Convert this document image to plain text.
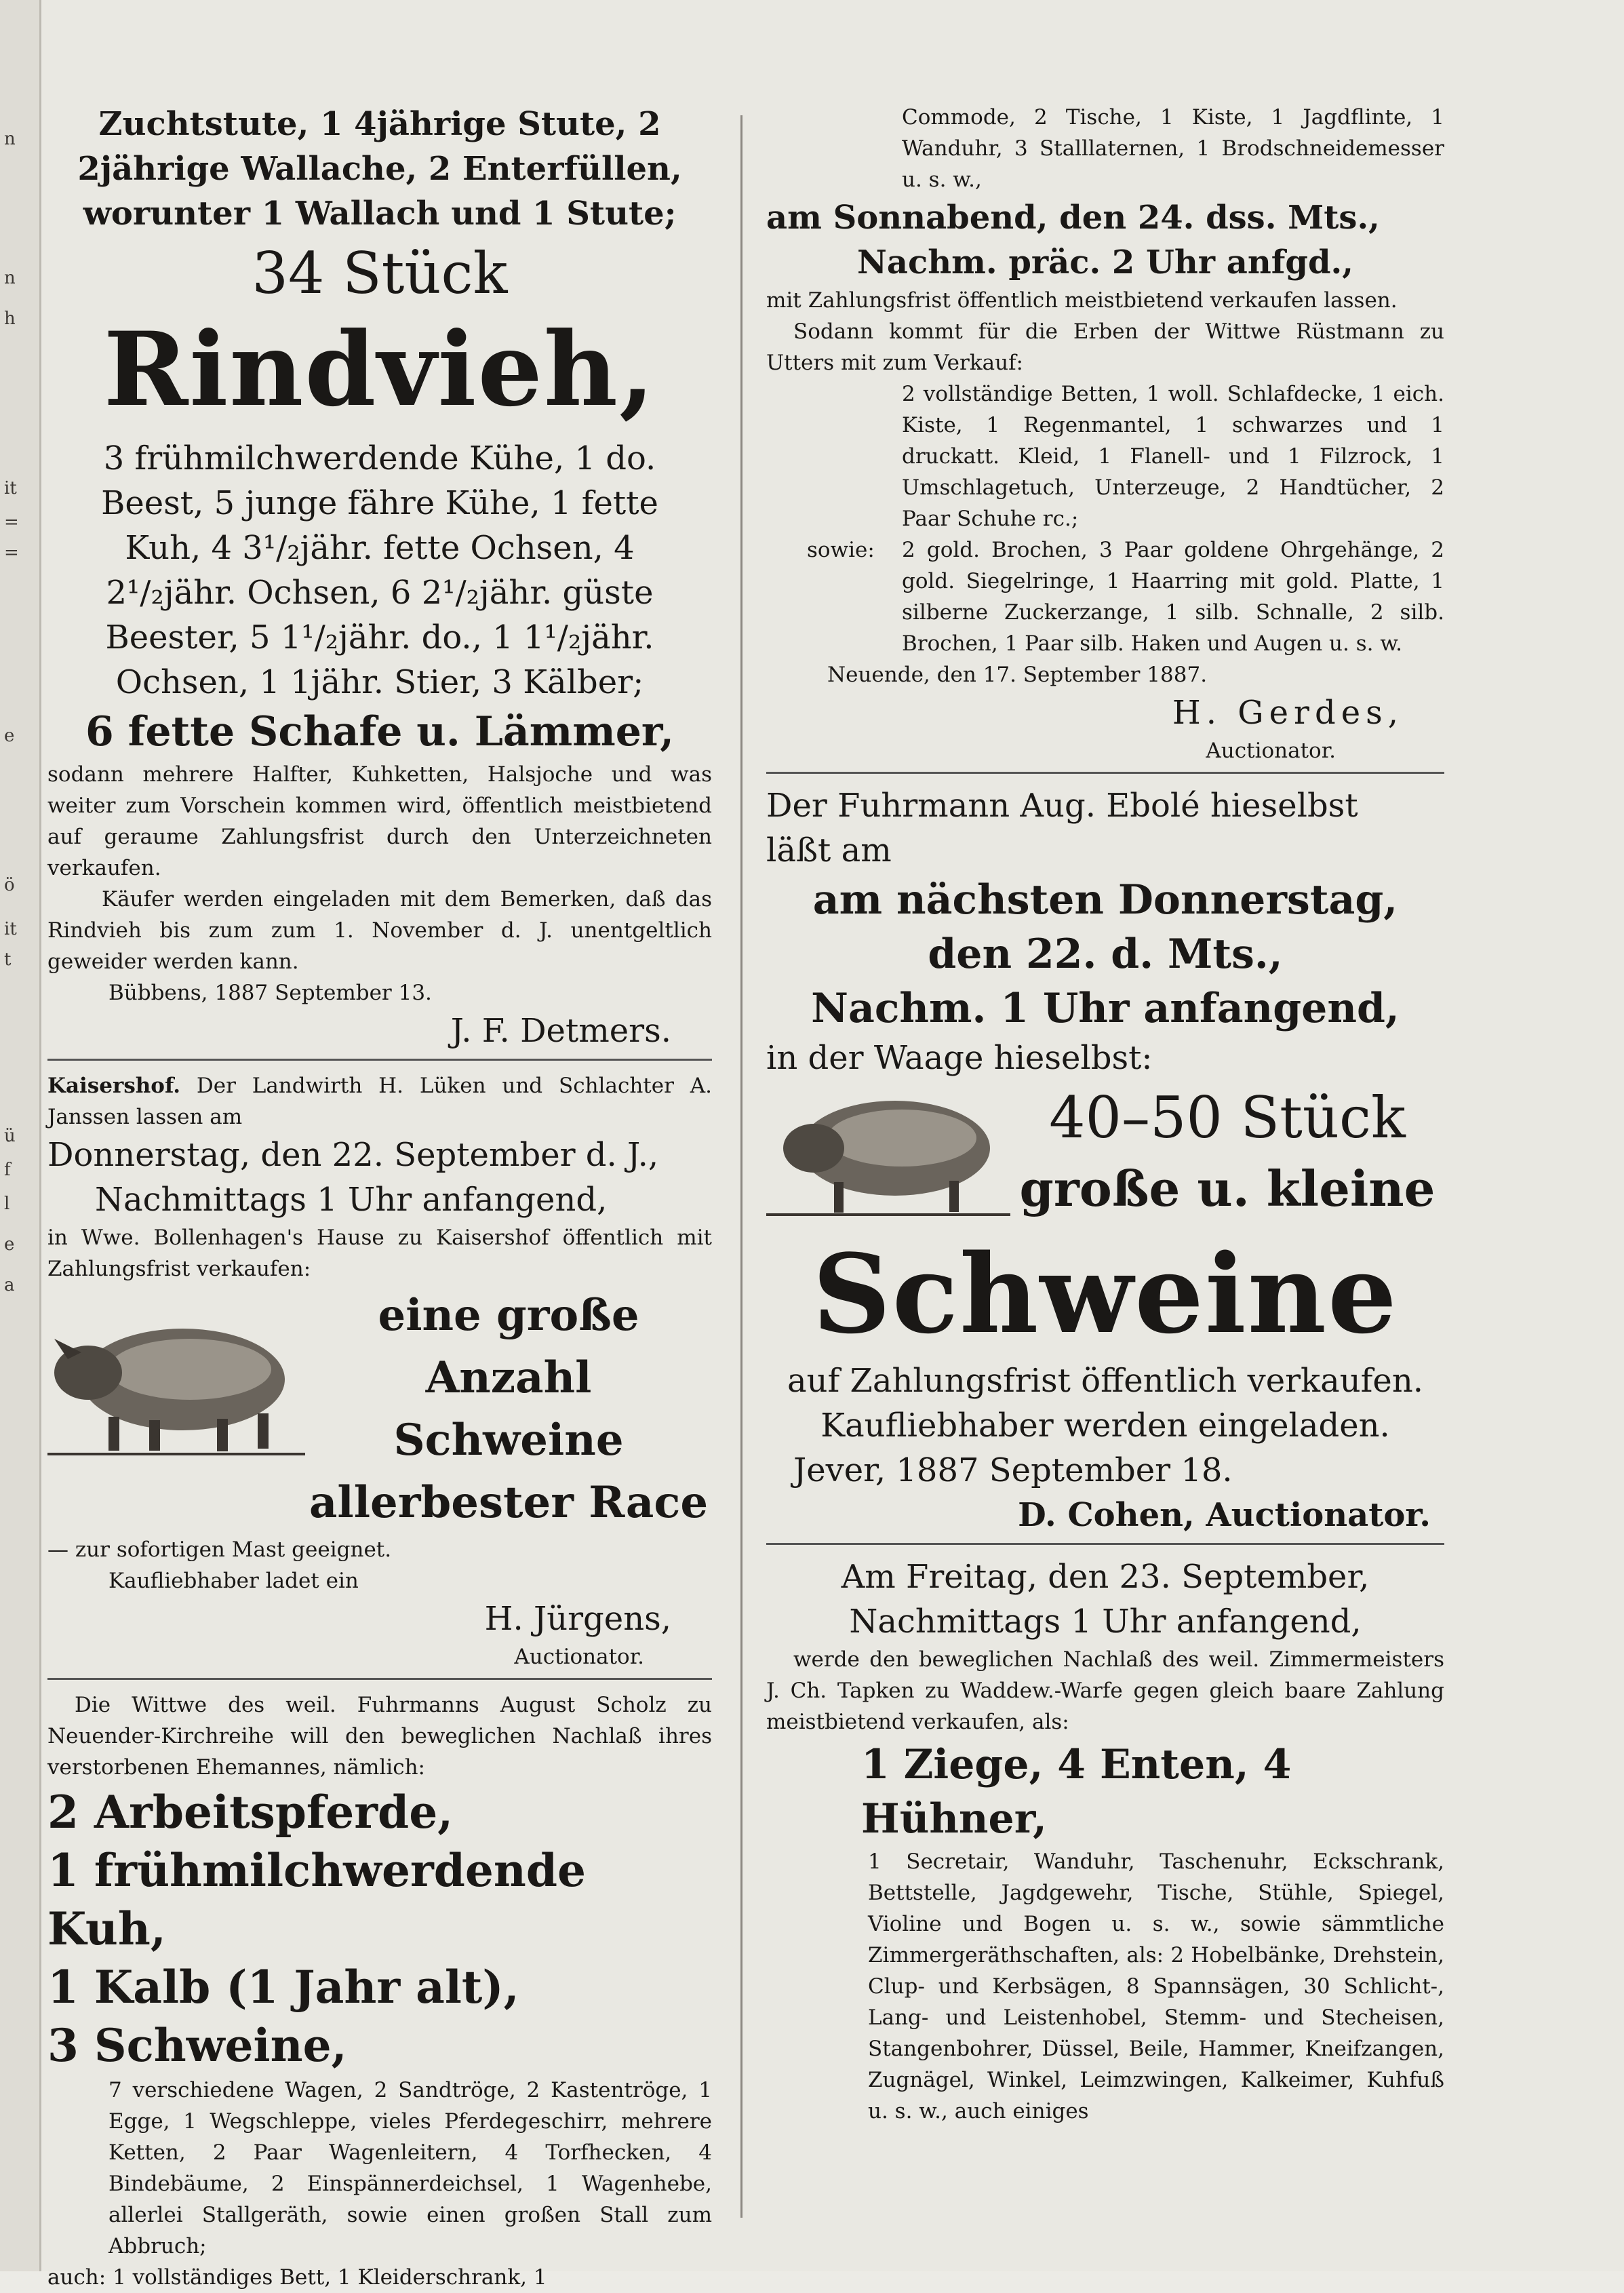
n
n
h
it
=
=
e
ö
it
t
ü
f
l
e
a

Zuchtstute, 1 4jährige Stute, 2

2jährige Wallache, 2 Enterfüllen,

worunter 1 Wallach und 1 Stute;

34 Stück

Rindvieh,

3 frühmilchwerdende Kühe, 1 do.

Beest, 5 junge fähre Kühe, 1 fette

Kuh, 4 3¹/₂jähr. fette Ochsen, 4

2¹/₂jähr. Ochsen, 6 2¹/₂jähr. güste

Beester, 5 1¹/₂jähr. do., 1 1¹/₂jähr.

Ochsen, 1 1jähr. Stier, 3 Kälber;

6 fette Schafe u. Lämmer,

sodann mehrere Halfter, Kuhketten, Halsjoche und was weiter zum Vorschein kommen wird, öffentlich meistbietend auf geraume Zahlungsfrist durch den Unterzeichneten verkaufen.

Käufer werden eingeladen mit dem Bemerken, daß das Rindvieh bis zum zum 1. November d. J. unentgeltlich geweider werden kann.

Bübbens, 1887 September 13.

J. F. Detmers.

Kaisershof. Der Landwirth H. Lüken und Schlachter A. Janssen lassen am

Donnerstag, den 22. September d. J.,

Nachmittags 1 Uhr anfangend,

in Wwe. Bollenhagen's Hause zu Kaisershof öffentlich mit Zahlungsfrist verkaufen:

eine große

Anzahl Schweine

allerbester Race

— zur sofortigen Mast geeignet.

Kaufliebhaber ladet ein

H. Jürgens,

Auctionator.

Die Wittwe des weil. Fuhrmanns August Scholz zu Neuender-Kirchreihe will den beweglichen Nachlaß ihres verstorbenen Ehemannes, nämlich:

2 Arbeitspferde,

1 frühmilchwerdende Kuh,

1 Kalb (1 Jahr alt),

3 Schweine,

7 verschiedene Wagen, 2 Sandtröge, 2 Kastentröge, 1 Egge, 1 Wegschleppe, vieles Pferdegeschirr, mehrere Ketten, 2 Paar Wagenleitern, 4 Torfhecken, 4 Bindebäume, 2 Einspännerdeichsel, 1 Wagenhebe, allerlei Stallgeräth, sowie einen großen Stall zum Abbruch;

auch: 1 vollständiges Bett, 1 Kleiderschrank, 1

Commode, 2 Tische, 1 Kiste, 1 Jagdflinte, 1 Wanduhr, 3 Stalllaternen, 1 Brodschneidemesser u. s. w.,

am Sonnabend, den 24. dss. Mts.,

Nachm. präc. 2 Uhr anfgd.,

mit Zahlungsfrist öffentlich meistbietend verkaufen lassen.

Sodann kommt für die Erben der Wittwe Rüstmann zu Utters mit zum Verkauf:

2 vollständige Betten, 1 woll. Schlafdecke, 1 eich. Kiste, 1 Regenmantel, 1 schwarzes und 1 druckatt. Kleid, 1 Flanell- und 1 Filzrock, 1 Umschlagetuch, Unterzeuge, 2 Handtücher, 2 Paar Schuhe rc.;

sowie:	2 gold. Brochen, 3 Paar goldene Ohrgehänge, 2 gold. Siegelringe, 1 Haarring mit gold. Platte, 1 silberne Zuckerzange, 1 silb. Schnalle, 2 silb. Brochen, 1 Paar silb. Haken und Augen u. s. w.

Neuende, den 17. September 1887.

H. Gerdes,

Auctionator.

Der Fuhrmann Aug. Ebolé hieselbst

läßt am

am nächsten Donnerstag,

den 22. d. Mts.,

Nachm. 1 Uhr anfangend,

in der Waage hieselbst:

40–50 Stück

große u. kleine

Schweine

auf Zahlungsfrist öffentlich verkaufen.

Kaufliebhaber werden eingeladen.

Jever, 1887 September 18.

D. Cohen, Auctionator.

Am Freitag, den 23. September,

Nachmittags 1 Uhr anfangend,

werde den beweglichen Nachlaß des weil. Zimmermeisters J. Ch. Tapken zu Waddew.-Warfe gegen gleich baare Zahlung meistbietend verkaufen, als:

1 Ziege, 4 Enten, 4 Hühner,

1 Secretair, Wanduhr, Taschenuhr, Eckschrank, Bettstelle, Jagdgewehr, Tische, Stühle, Spiegel, Violine und Bogen u. s. w., sowie sämmtliche Zimmergeräthschaften, als: 2 Hobelbänke, Drehstein, Clup- und Kerbsägen, 8 Spannsägen, 30 Schlicht-, Lang- und Leistenhobel, Stemm- und Stecheisen, Stangenbohrer, Düssel, Beile, Hammer, Kneifzangen, Zugnägel, Winkel, Leimzwingen, Kalkeimer, Kuhfuß u. s. w., auch einiges
